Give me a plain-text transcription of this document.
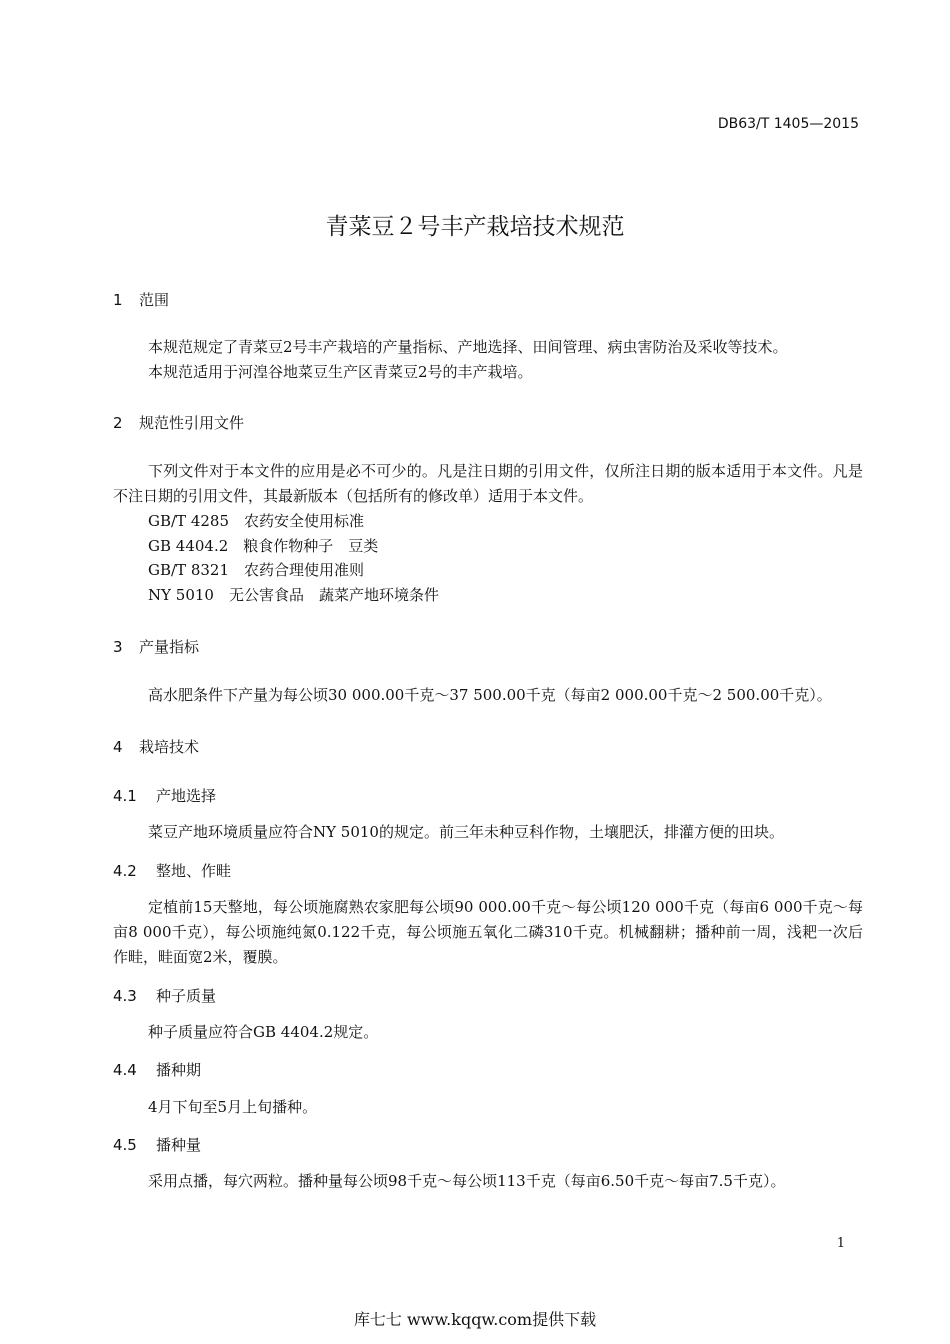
DB63/T 1405—2015
青菜豆２号丰产栽培技术规范
1 范围
本规范规定了青菜豆2号丰产栽培的产量指标、产地选择、田间管理、病虫害防治及采收等技术。
本规范适用于河湟谷地菜豆生产区青菜豆2号的丰产栽培。
2 规范性引用文件
下列文件对于本文件的应用是必不可少的。凡是注日期的引用文件，仅所注日期的版本适用于本文件。凡是不注日期的引用文件，其最新版本（包括所有的修改单）适用于本文件。
GB/T 4285　农药安全使用标准
GB 4404.2　粮食作物种子　豆类
GB/T 8321　农药合理使用准则
NY 5010　无公害食品　蔬菜产地环境条件
3 产量指标
高水肥条件下产量为每公顷30 000.00千克～37 500.00千克（每亩2 000.00千克～2 500.00千克）。
4 栽培技术
4.1 产地选择
菜豆产地环境质量应符合NY 5010的规定。前三年未种豆科作物，土壤肥沃，排灌方便的田块。
4.2 整地、作畦
定植前15天整地，每公顷施腐熟农家肥每公顷90 000.00千克～每公顷120 000千克（每亩6 000千克～每亩8 000千克），每公顷施纯氮0.122千克，每公顷施五氧化二磷310千克。机械翻耕；播种前一周，浅耙一次后作畦，畦面宽2米，覆膜。
4.3 种子质量
种子质量应符合GB 4404.2规定。
4.4 播种期
4月下旬至5月上旬播种。
4.5 播种量
采用点播，每穴两粒。播种量每公顷98千克～每公顷113千克（每亩6.50千克～每亩7.5千克）。
1
库七七 www.kqqw.com提供下载
